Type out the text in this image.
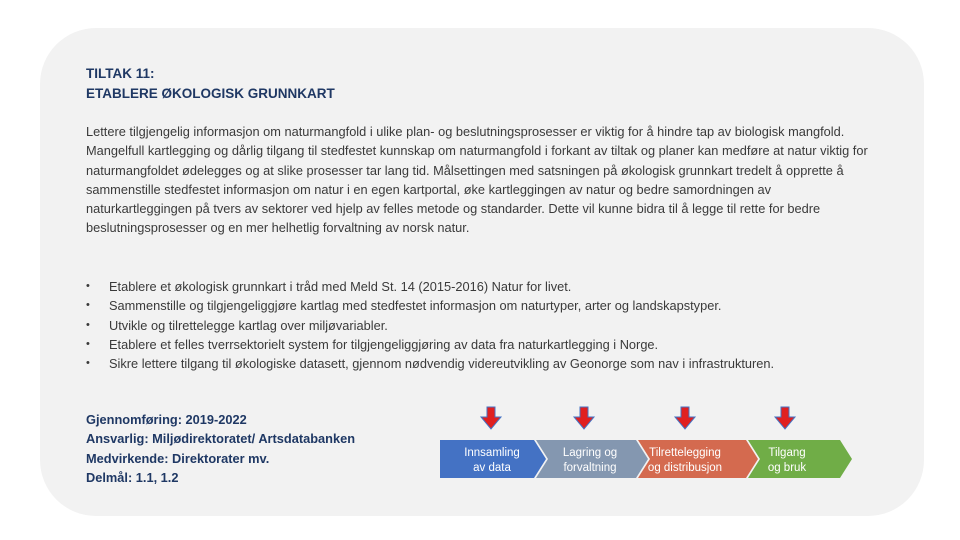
TILTAK 11:
ETABLERE ØKOLOGISK GRUNNKART
Lettere tilgjengelig informasjon om naturmangfold i ulike plan- og beslutningsprosesser er viktig for å hindre tap av biologisk mangfold. Mangelfull kartlegging og dårlig tilgang til stedfestet kunnskap om naturmangfold i forkant av tiltak og planer kan medføre at natur viktig for naturmangfoldet ødelegges og at slike prosesser tar lang tid. Målsettingen med satsningen på økologisk grunnkart tredelt å opprette å sammenstille stedfestet informasjon om natur i en egen kartportal, øke kartleggingen av natur og bedre samordningen av naturkartleggingen på tvers av sektorer ved hjelp av felles metode og standarder. Dette vil kunne bidra til å legge til rette for bedre beslutningsprosesser og en mer helhetlig forvaltning av norsk natur.
•	Etablere et økologisk grunnkart i tråd med Meld St. 14 (2015-2016) Natur for livet.
•	Sammenstille og tilgjengeliggjøre kartlag med stedfestet informasjon om naturtyper, arter og landskapstyper.
•	Utvikle og tilrettelegge kartlag over miljøvariabler.
•	Etablere et felles tverrsektorielt system for tilgjengeliggjøring av data fra naturkartlegging i Norge.
•	Sikre lettere tilgang til økologiske datasett, gjennom nødvendig videreutvikling av Geonorge som nav i infrastrukturen.
Gjennomføring: 2019-2022
Ansvarlig: Miljødirektoratet/ Artsdatabanken
Medvirkende: Direktorater mv.
Delmål: 1.1, 1.2
Innsamling
av data
Lagring og
forvaltning
Tilrettelegging
og distribusjon
Tilgang
og bruk
